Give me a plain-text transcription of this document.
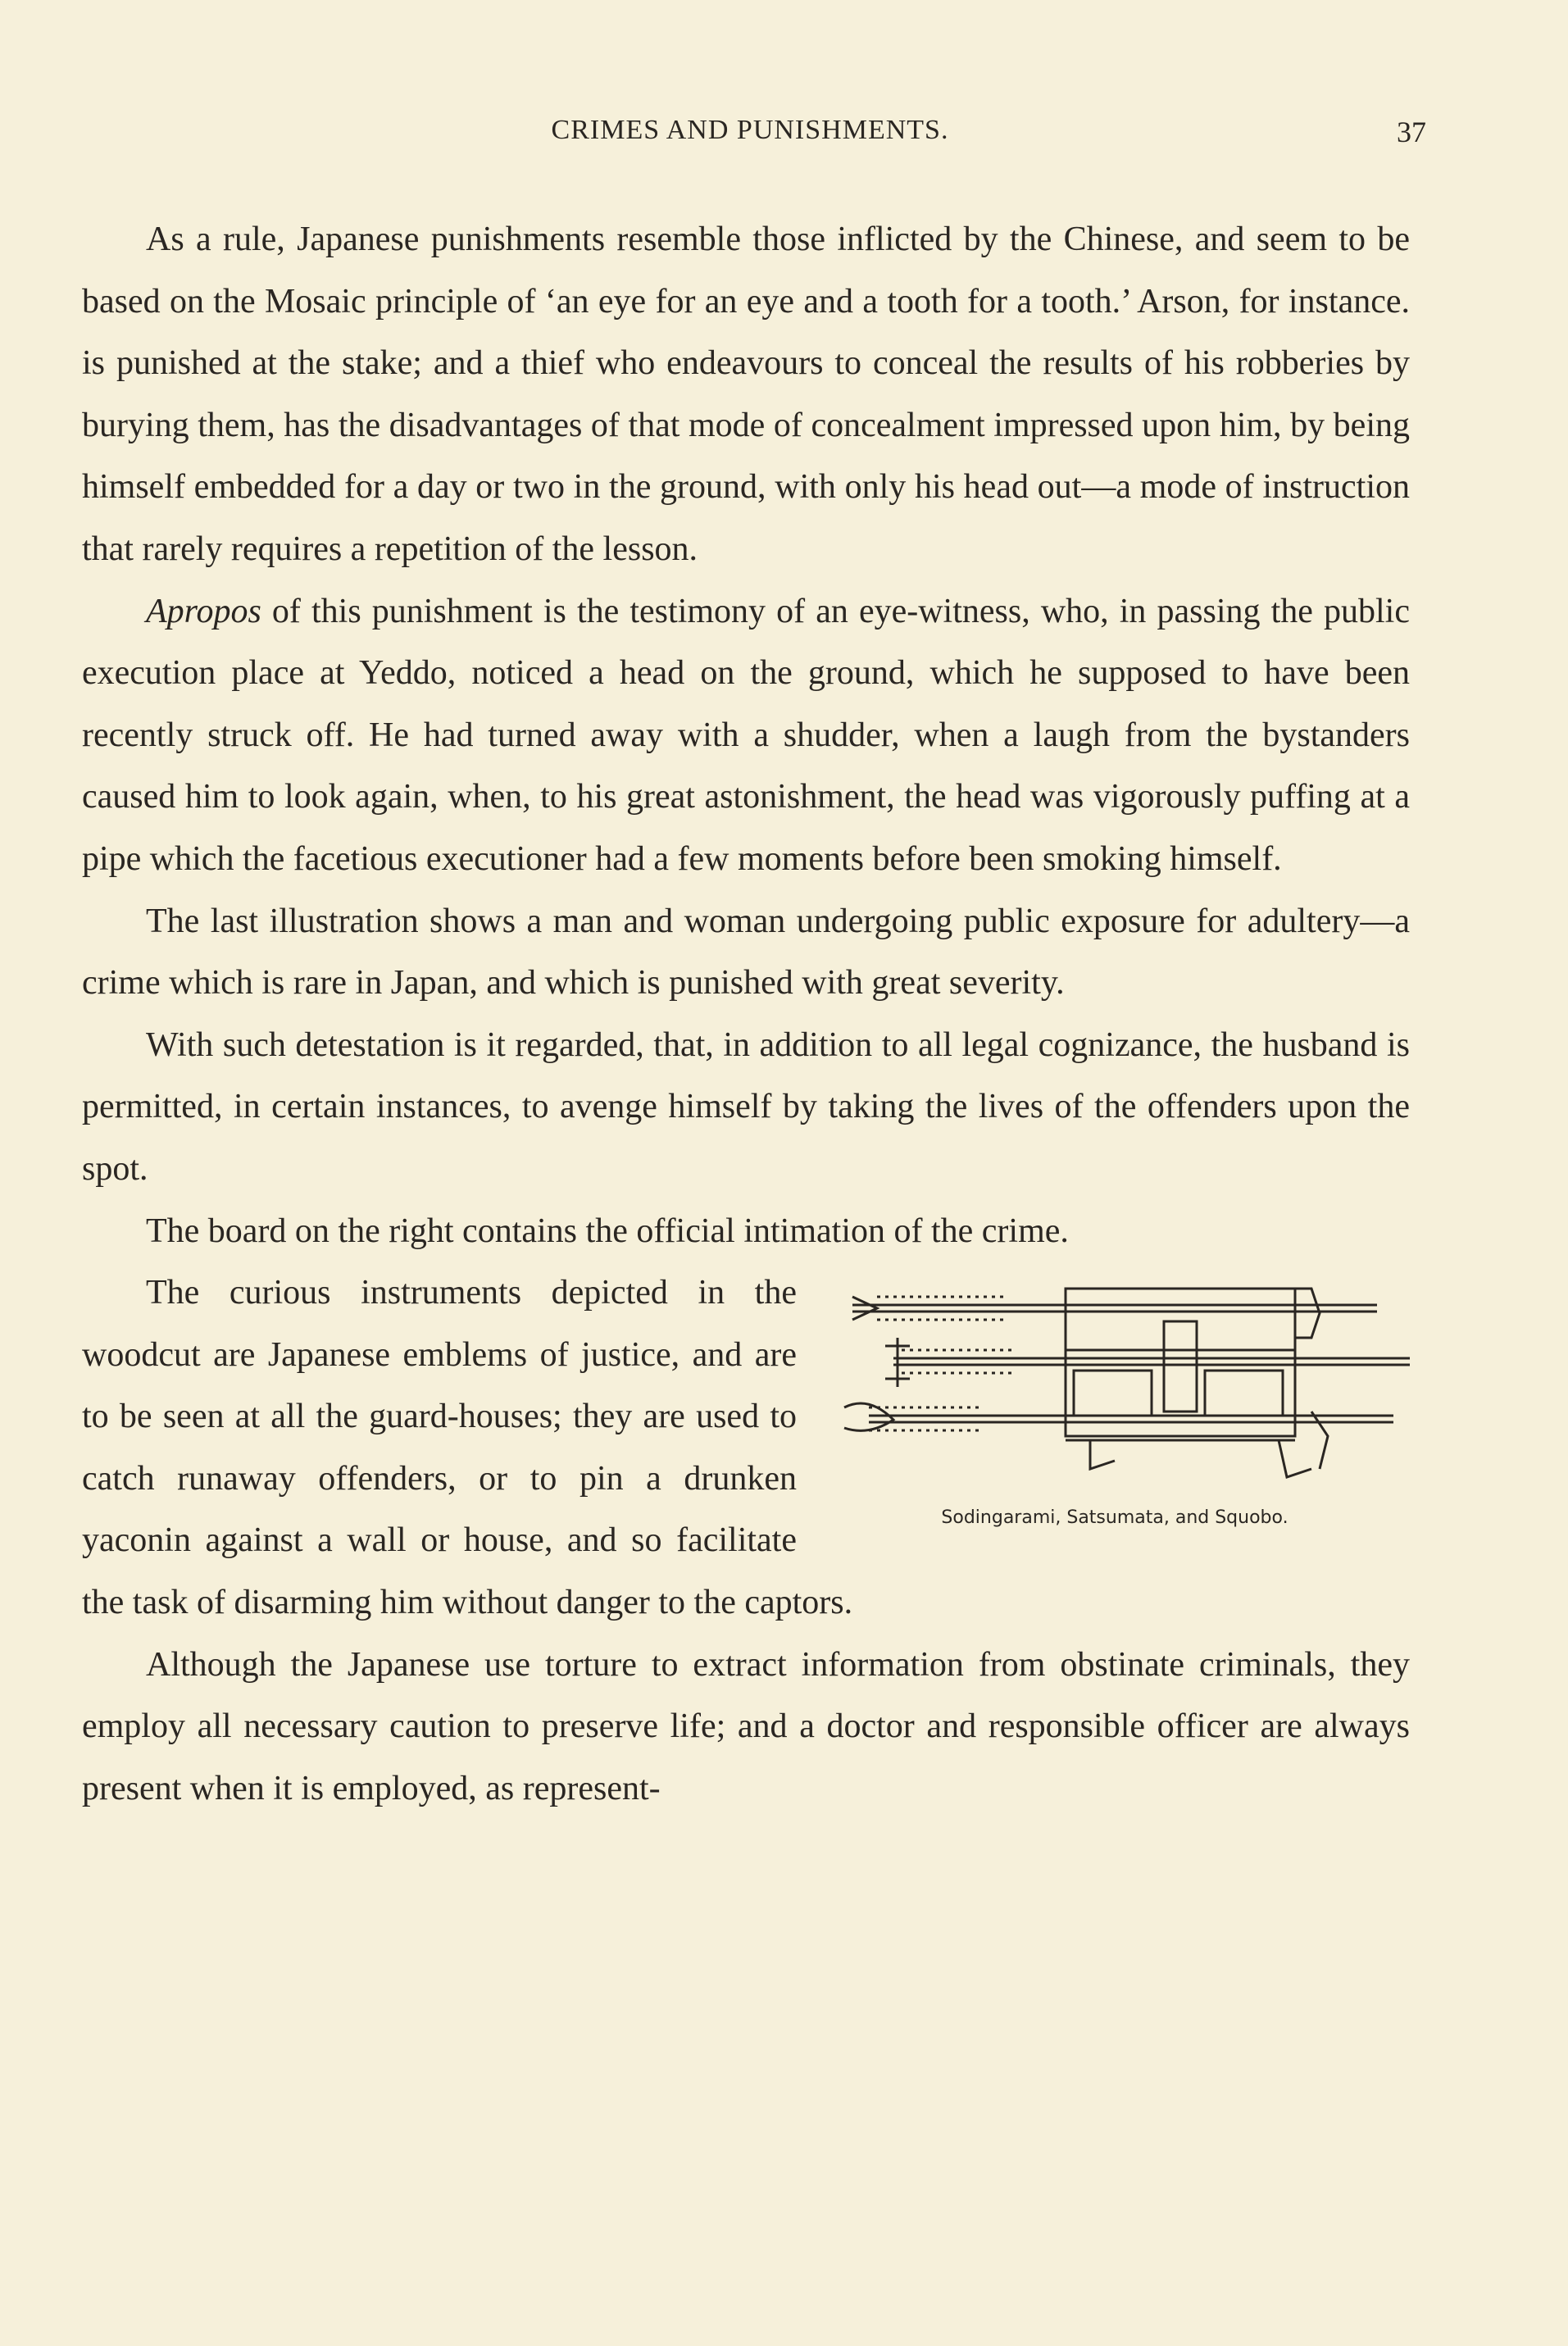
CRIMES AND PUNISHMENTS.	37

As a rule, Japanese punishments resemble those inflicted by the Chinese, and seem to be based on the Mosaic principle of ‘an eye for an eye and a tooth for a tooth.’ Arson, for instance. is punished at the stake; and a thief who endeavours to conceal the results of his robberies by burying them, has the disadvantages of that mode of concealment impressed upon him, by being himself embedded for a day or two in the ground, with only his head out—a mode of instruction that rarely requires a repetition of the lesson.

Apropos of this punishment is the testimony of an eye-witness, who, in passing the public execution place at Yeddo, noticed a head on the ground, which he supposed to have been recently struck off. He had turned away with a shudder, when a laugh from the bystanders caused him to look again, when, to his great astonishment, the head was vigorously puffing at a pipe which the facetious executioner had a few moments before been smoking himself.

The last illustration shows a man and woman undergoing public exposure for adultery—a crime which is rare in Japan, and which is punished with great severity.

With such detestation is it regarded, that, in addition to all legal cognizance, the husband is permitted, in certain instances, to avenge himself by taking the lives of the offenders upon the spot.

The board on the right contains the official intimation of the crime.

Sodingarami, Satsumata, and Squobo.

The curious instruments depicted in the woodcut are Japanese emblems of justice, and are to be seen at all the guard-houses; they are used to catch runaway offenders, or to pin a drunken yaconin against a wall or house, and so facilitate the task of disarming him without danger to the captors.

Although the Japanese use torture to extract information from obstinate criminals, they employ all necessary caution to preserve life; and a doctor and responsible officer are always present when it is employed, as represent-
